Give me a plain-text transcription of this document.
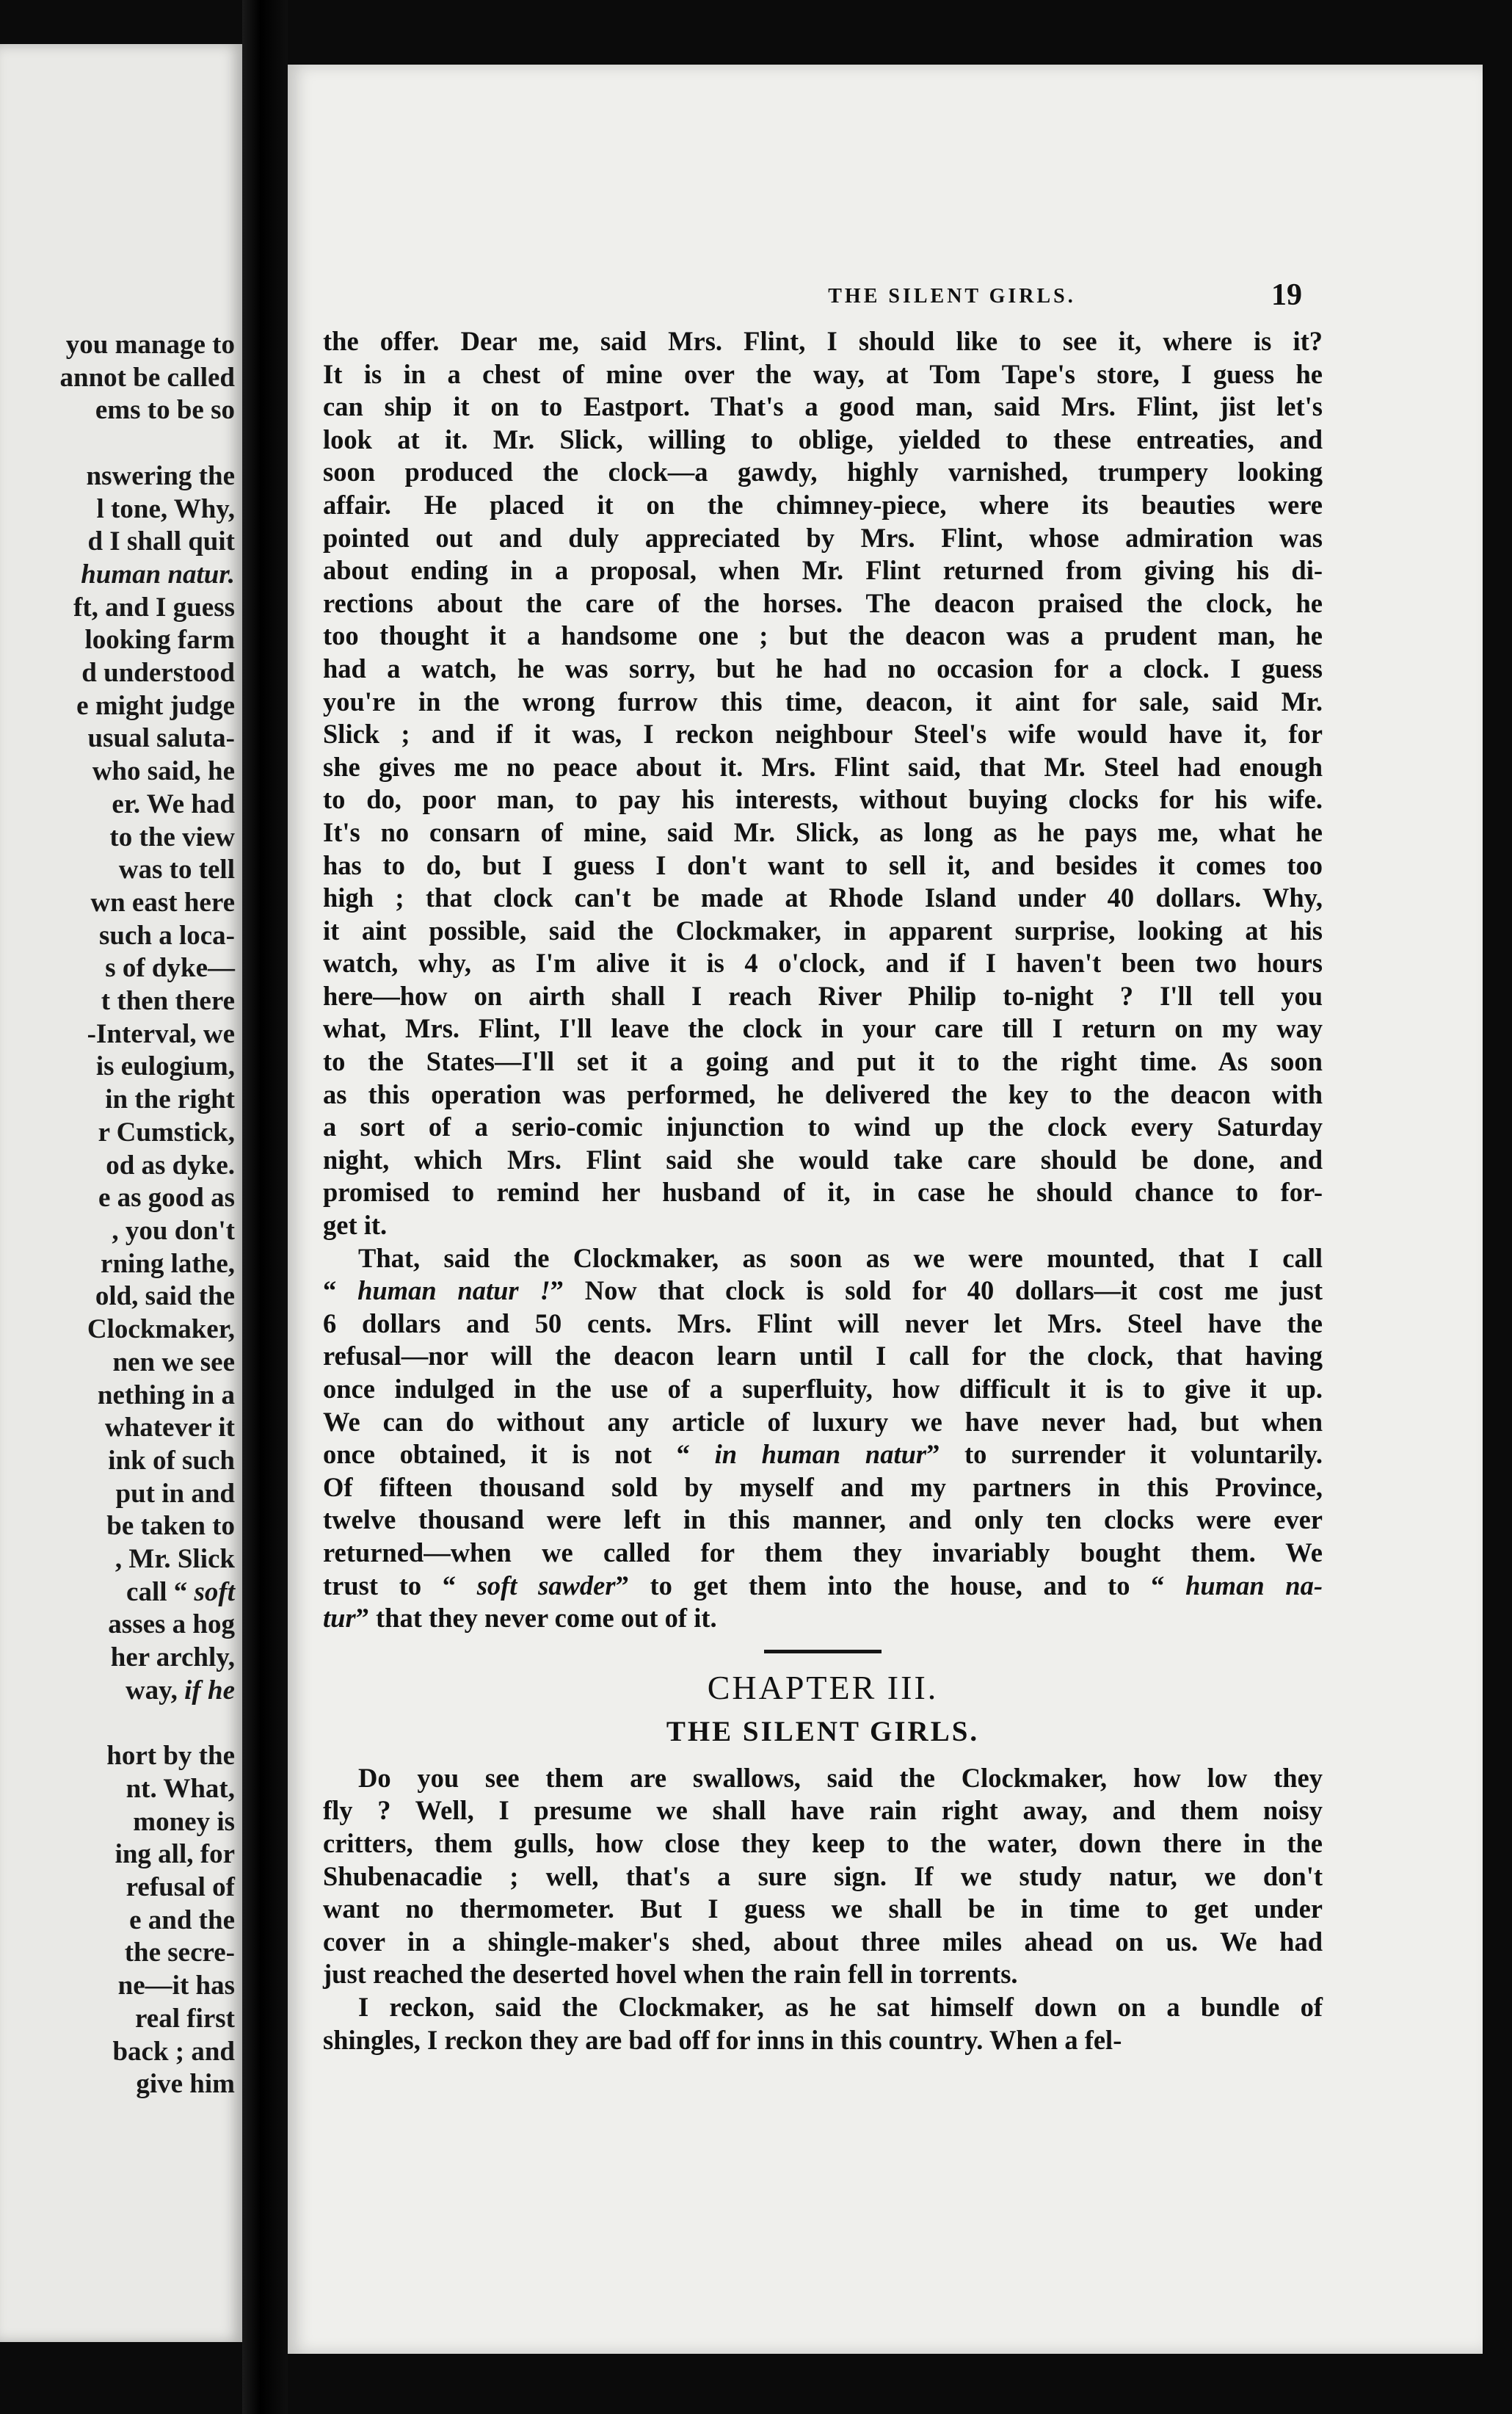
you manage to
annot be called
ems to be so

nswering the
l tone, Why,
d I shall quit
human natur.
ft, and I guess
looking farm
d understood
e might judge
usual saluta-
who said, he
er. We had
to the view
was to tell
wn east here
such a loca-
s of dyke—
t then there
-Interval, we
is eulogium,
in the right
r Cumstick,
od as dyke.
e as good as
, you don't
rning lathe,
old, said the
Clockmaker,
nen we see
nething in a
whatever it
ink of such
put in and
be taken to
, Mr. Slick
call “ soft
asses a hog
her archly,
way, if he

hort by the
nt. What,
money is
ing all, for
refusal of
e and the
the secre-
ne—it has
real first
back ; and
give him
THE SILENT GIRLS.	19
the offer. Dear me, said Mrs. Flint, I should like to see it, where is it?
It is in a chest of mine over the way, at Tom Tape's store, I guess he
can ship it on to Eastport. That's a good man, said Mrs. Flint, jist let's
look at it. Mr. Slick, willing to oblige, yielded to these entreaties, and
soon produced the clock—a gawdy, highly varnished, trumpery looking
affair. He placed it on the chimney-piece, where its beauties were
pointed out and duly appreciated by Mrs. Flint, whose admiration was
about ending in a proposal, when Mr. Flint returned from giving his di-
rections about the care of the horses. The deacon praised the clock, he
too thought it a handsome one ; but the deacon was a prudent man, he
had a watch, he was sorry, but he had no occasion for a clock. I guess
you're in the wrong furrow this time, deacon, it aint for sale, said Mr.
Slick ; and if it was, I reckon neighbour Steel's wife would have it, for
she gives me no peace about it. Mrs. Flint said, that Mr. Steel had enough
to do, poor man, to pay his interests, without buying clocks for his wife.
It's no consarn of mine, said Mr. Slick, as long as he pays me, what he
has to do, but I guess I don't want to sell it, and besides it comes too
high ; that clock can't be made at Rhode Island under 40 dollars. Why,
it aint possible, said the Clockmaker, in apparent surprise, looking at his
watch, why, as I'm alive it is 4 o'clock, and if I haven't been two hours
here—how on airth shall I reach River Philip to-night ? I'll tell you
what, Mrs. Flint, I'll leave the clock in your care till I return on my way
to the States—I'll set it a going and put it to the right time. As soon
as this operation was performed, he delivered the key to the deacon with
a sort of a serio-comic injunction to wind up the clock every Saturday
night, which Mrs. Flint said she would take care should be done, and
promised to remind her husband of it, in case he should chance to for-
get it.
That, said the Clockmaker, as soon as we were mounted, that I call
“ human natur !” Now that clock is sold for 40 dollars—it cost me just
6 dollars and 50 cents. Mrs. Flint will never let Mrs. Steel have the
refusal—nor will the deacon learn until I call for the clock, that having
once indulged in the use of a superfluity, how difficult it is to give it up.
We can do without any article of luxury we have never had, but when
once obtained, it is not “ in human natur” to surrender it voluntarily.
Of fifteen thousand sold by myself and my partners in this Province,
twelve thousand were left in this manner, and only ten clocks were ever
returned—when we called for them they invariably bought them. We
trust to “ soft sawder” to get them into the house, and to “ human na-
tur” that they never come out of it.
CHAPTER III.
THE SILENT GIRLS.
Do you see them are swallows, said the Clockmaker, how low they
fly ? Well, I presume we shall have rain right away, and them noisy
critters, them gulls, how close they keep to the water, down there in the
Shubenacadie ; well, that's a sure sign. If we study natur, we don't
want no thermometer. But I guess we shall be in time to get under
cover in a shingle-maker's shed, about three miles ahead on us. We had
just reached the deserted hovel when the rain fell in torrents.
I reckon, said the Clockmaker, as he sat himself down on a bundle of
shingles, I reckon they are bad off for inns in this country. When a fel-
